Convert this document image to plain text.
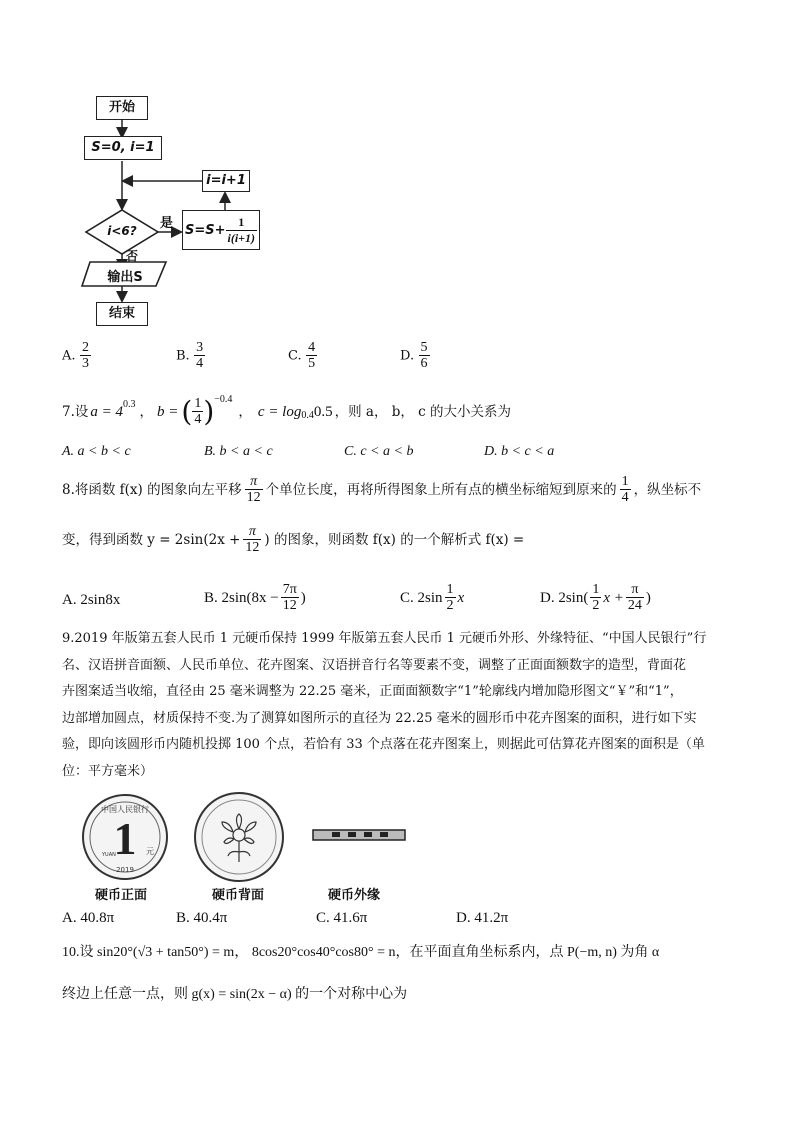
开始
S=0, i=1
i=i+1
i<6?	是
否
$S=S+ \frac{1}{i(i+1)}$
输出S
结束
A. $\frac{2}{3}$	B. $\frac{3}{4}$	C. $\frac{4}{5}$	D. $\frac{5}{6}$
7.设 $a = 4^{0.3}$ ， b = ( $\frac{1}{4} )^{-0.4}$
， $c = \log_{0.4} 0.5$ ，则 a， b， c 的大小关系为
A. a < b < c	B. b < a < c	C. c < a < b	D. b < c < a
8.将函数 f(x) 的图象向左平移 $\frac{\pi}{12}$ 个单位长度，再将所得图象上所有点的横坐标缩短到原来的 $\frac{1}{4}$ ，纵坐标不
变，得到函数 $y = 2\sin(2x + \frac{\pi}{12}$ ) 的图象，则函数 f(x) 的一个解析式 f(x) =
A. 2sin8x	B. $2\sin(8x - \frac{7\pi}{12}$ )	C. $2\sin \frac{1}{2}$ x	D. $2\sin( \frac{1}{2}$ $x + \frac{\pi}{24}$ )
9.2019 年版第五套人民币 1 元硬币保持 1999 年版第五套人民币 1 元硬币外形、外缘特征、“中国人民银行”行
名、汉语拼音面额、人民币单位、花卉图案、汉语拼音行名等要素不变，调整了正面面额数字的造型，背面花
卉图案适当收缩，直径由 25 毫米调整为 22.25 毫米，正面面额数字“1”轮廓线内增加隐形图文“￥”和“1”，
边部增加圆点，材质保持不变.为了测算如图所示的直径为 22.25 毫米的圆形币中花卉图案的面积，进行如下实
验，即向该圆形币内随机投掷 100 个点，若恰有 33 个点落在花卉图案上，则据此可估算花卉图案的面积是（单
位：平方毫米）
1
中国人民银行
元
2019
YUAN
硬币正面	硬币背面	硬币外缘
A. 40.8π	B. 40.4π	C. 41.6π	D. 41.2π
10.设 sin20°(√3 + tan50°) = m， 8cos20°cos40°cos80° = n，在平面直角坐标系内，点 P(−m, n) 为角 α
终边上任意一点，则 g(x) = sin(2x − α) 的一个对称中心为
